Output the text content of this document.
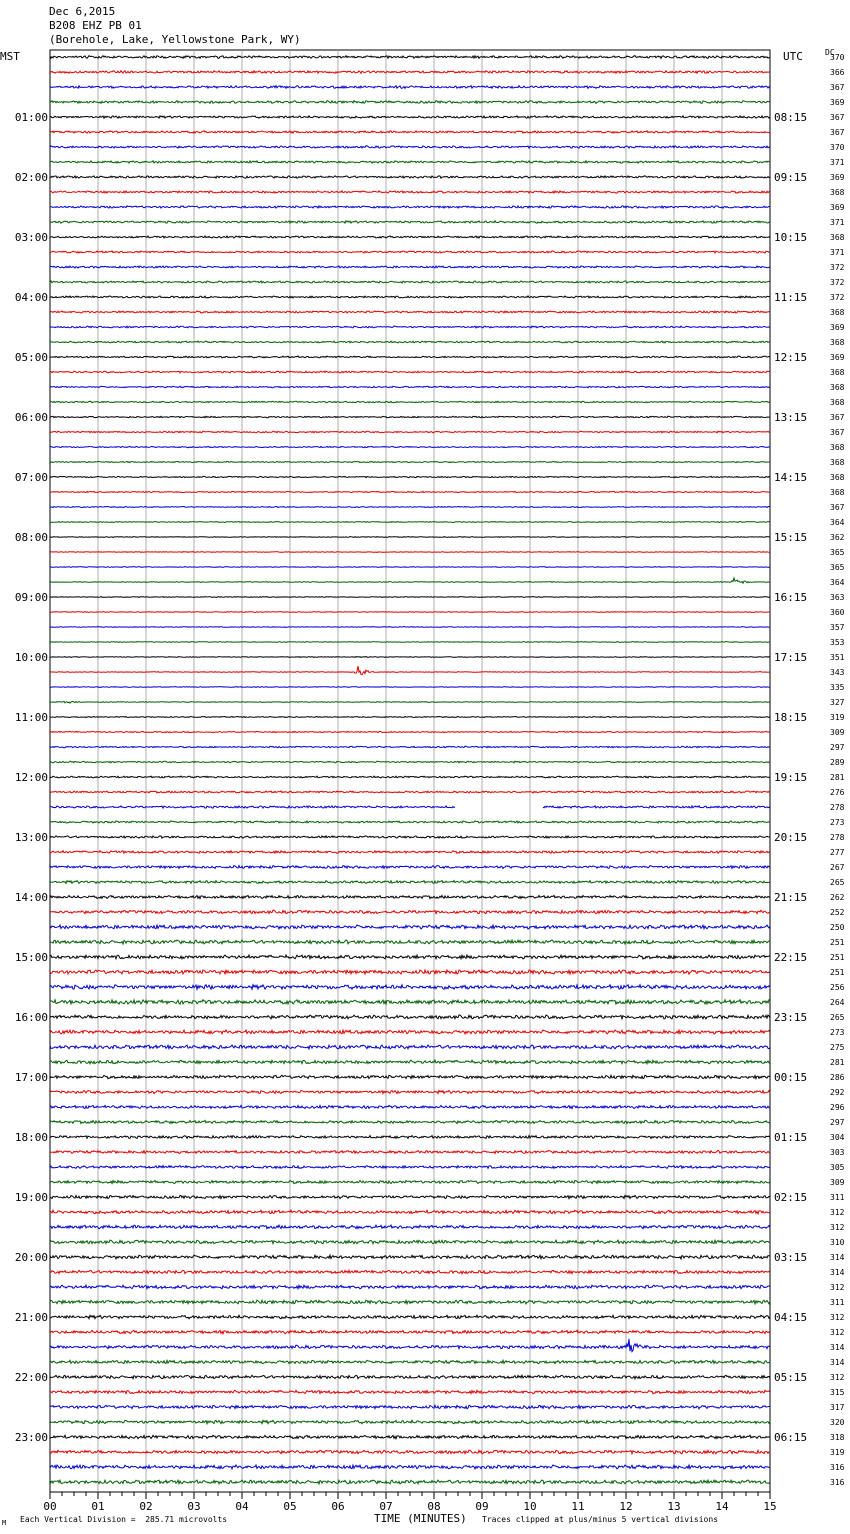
Dec 6,2015
B208 EHZ PB 01
(Borehole, Lake, Yellowstone Park, WY)
MST	UTC	DC
00	01	02	03	04	05	06	07	08	09	10	11	12	13	14	15
370
366
367
369
367
367
370
371
369
368
369
371
368
371
372
372
372
368
369
368
369
368
368
368
367
367
368
368
368
368
367
364
362
365
365
364
363
360
357
353
351
343
335
327
319
309
297
289
281
276
278
273
278
277
267
265
262
252
250
251
251
251
256
264
265
273
275
281
286
292
296
297
304
303
305
309
311
312
312
310
314
314
312
311
312
312
314
314
312
315
317
320
318
319
316
316
01:00
02:00
03:00
04:00
05:00
06:00
07:00
08:00
09:00
10:00
11:00
12:00
13:00
14:00
15:00
16:00
17:00
18:00
19:00
20:00
21:00
22:00
23:00
08:15
09:15
10:15
11:15
12:15
13:15
14:15
15:15
16:15
17:15
18:15
19:15
20:15
21:15
22:15
23:15
00:15
01:15
02:15
03:15
04:15
05:15
06:15
Each Vertical Division =  285.71 microvolts	TIME (MINUTES) Traces clipped at plus/minus 5 vertical divisions
M
